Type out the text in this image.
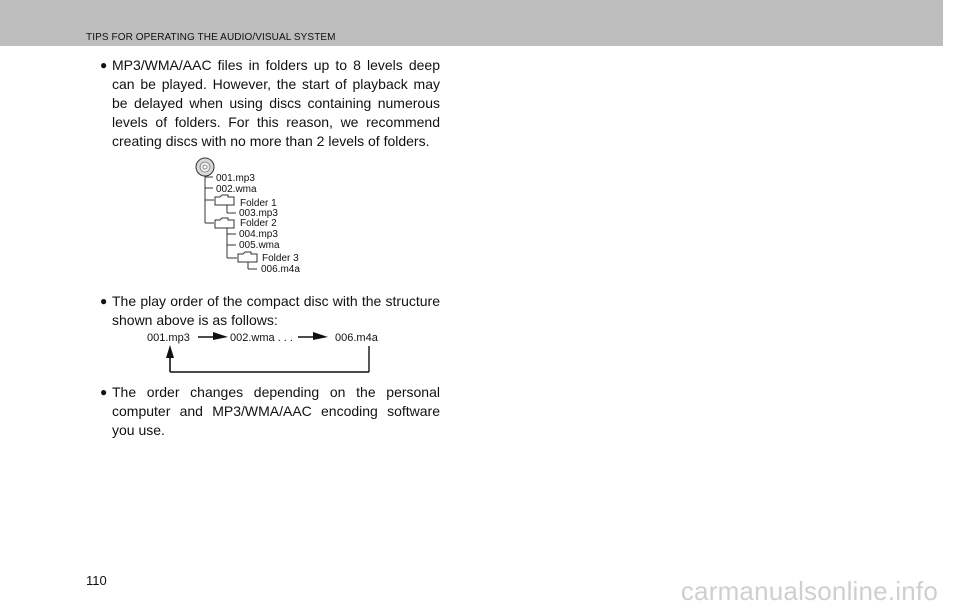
TIPS FOR OPERATING THE AUDIO/VISUAL SYSTEM
● MP3/WMA/AAC files in folders up to 8 levels deep can be played. However, the start of playback may be delayed when using discs containing numerous levels of folders. For this reason, we recommend creating discs with no more than 2 levels of folders.

001.mp3
002.wma
Folder 1
003.mp3
Folder 2
004.mp3
005.wma
Folder 3
006.m4a
● The play order of the compact disc with the structure shown above is as follows:

001.mp3	002.wma . . .	006.m4a
● The order changes depending on the personal computer and MP3/WMA/AAC encoding software you use.

110	carmanualsonline.info
